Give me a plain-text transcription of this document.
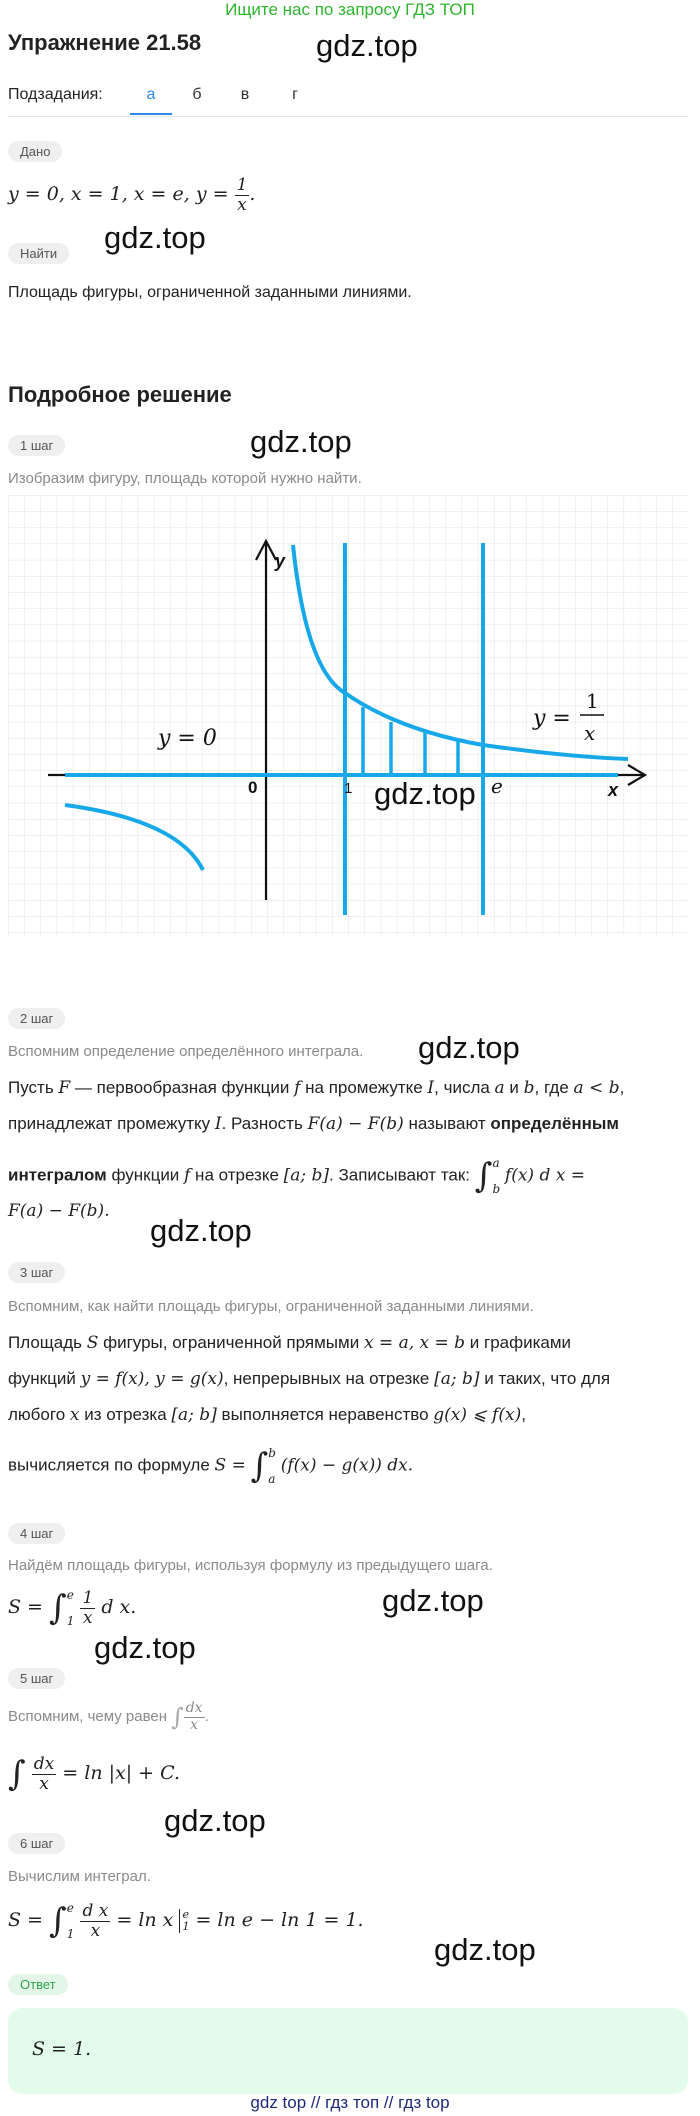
Ищите нас по запросу ГДЗ ТОП
Упражнение 21.58	gdz.top
Подзадания:	а	б	в	г
Дано
y = 0, x = 1, x = e, $y = \frac{1}{x}$ .
Найти	gdz.top
Площадь фигуры, ограниченной заданными линиями.
Подробное решение
1 шаг	gdz.top
Изобразим фигуру, площадь которой нужно найти.
y
x
0	1	e
y = 0
y =
1
x
gdz.top
2 шаг
Вспомним определение определённого интеграла. gdz.top
Пусть F — первообразная функции f на промежутке I, числа a и b, где a < b,
принадлежат промежутку I. Разность F(a) − F(b) называют определённым
интегралом функции f на отрезке [a; b]. Записывают так: ∫ a
b
f(x) d x =
F(a) − F(b).
gdz.top
3 шаг
Вспомним, как найти площадь фигуры, ограниченной заданными линиями.
Площадь S фигуры, ограниченной прямыми x = a, x = b и графиками
функций y = f(x), y = g(x), непрерывных на отрезке [a; b] и таких, что для
любого x из отрезка [a; b] выполняется неравенство g(x) ⩽ f(x),
вычисляется по формуле S = ∫ b
a
(f(x) − g(x)) dx.
4 шаг
Найдём площадь фигуры, используя формулу из предыдущего шага.
S = ∫ e
1
$\frac{1}{x}$ d x.	gdz.top
gdz.top
5 шаг
Вспомним, чему равен ∫ $\frac{dx}{x}$ .
∫ $\frac{dx}{x} = \ln |x| + C$.
gdz.top
6 шаг
Вычислим интеграл.
S = ∫ e
1
$\frac{\text{d x}}{x} = \ln x$ e
1 = ln e − ln 1 = 1.
gdz.top
Ответ
S = 1.
gdz top // гдз топ // гдз top
